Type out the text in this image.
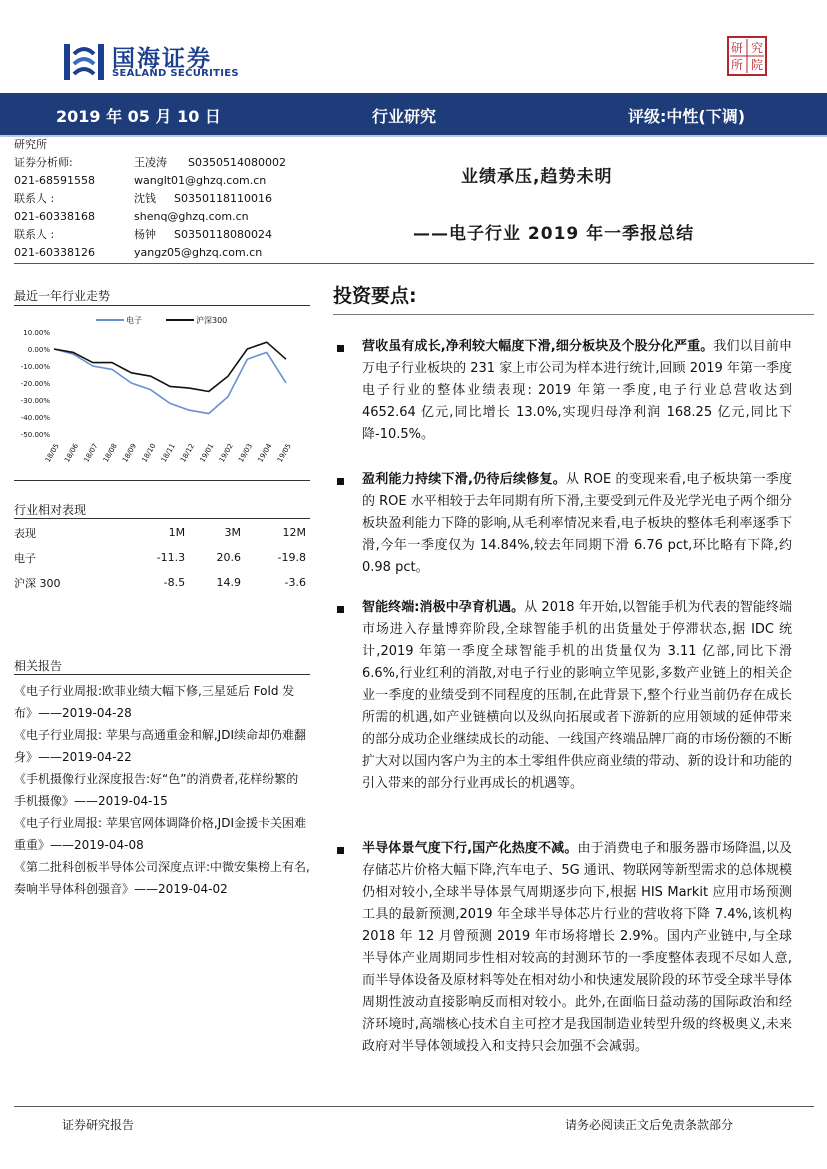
国海证券
SEALAND SECURITIES
研 究
所 院
2019 年 05 月 10 日	行业研究	评级:中性(下调)
研究所
证券分析师:	王凌涛 S0350514080002
021-68591558	wanglt01@ghzq.com.cn
联系人 :	沈钱 S0350118110016
021-60338168	shenq@ghzq.com.cn
联系人 :	杨钟 S0350118080024
021-60338126	yangz05@ghzq.com.cn
业绩承压,趋势未明
——电子行业 2019 年一季报总结
最近一年行业走势
电子	沪深300
10.00%
0.00%
-10.00%
-20.00%
-30.00%
-40.00%
-50.00%
18/05 18/06 18/07 18/08 18/09 18/10 18/11 18/12 19/01 19/02 19/03 19/04 19/05
行业相对表现
表现	1M	3M	12M
电子	-11.3	20.6	-19.8
沪深 300	-8.5	14.9	-3.6
相关报告
《电子行业周报:欧菲业绩大幅下修,三星延后 Fold 发布》——2019-04-28
《电子行业周报: 苹果与高通重金和解,JDI续命却仍难翻身》——2019-04-22
《手机摄像行业深度报告:好“色”的消费者,花样纷繁的手机摄像》——2019-04-15
《电子行业周报: 苹果官网体调降价格,JDI金援卡关困难重重》——2019-04-08
《第二批科创板半导体公司深度点评:中微安集榜上有名,奏响半导体科创强音》——2019-04-02
投资要点:
营收虽有成长,净利较大幅度下滑,细分板块及个股分化严重。我们以目前申万电子行业板块的 231 家上市公司为样本进行统计,回顾 2019 年第一季度电子行业的整体业绩表现: 2019 年第一季度,电子行业总营收达到 4652.64 亿元,同比增长 13.0%,实现归母净利润 168.25 亿元,同比下降-10.5%。
盈利能力持续下滑,仍待后续修复。从 ROE 的变现来看,电子板块第一季度的 ROE 水平相较于去年同期有所下滑,主要受到元件及光学光电子两个细分板块盈利能力下降的影响,从毛利率情况来看,电子板块的整体毛利率逐季下滑,今年一季度仅为 14.84%,较去年同期下滑 6.76 pct,环比略有下降,约 0.98 pct。
智能终端:消极中孕育机遇。从 2018 年开始,以智能手机为代表的智能终端市场进入存量博弈阶段,全球智能手机的出货量处于停滞状态,据 IDC 统计,2019 年第一季度全球智能手机的出货量仅为 3.11 亿部,同比下滑 6.6%,行业红利的消散,对电子行业的影响立竿见影,多数产业链上的相关企业一季度的业绩受到不同程度的压制,在此背景下,整个行业当前仍存在成长所需的机遇,如产业链横向以及纵向拓展或者下游新的应用领域的延伸带来的部分成功企业继续成长的动能、一线国产终端品牌厂商的市场份额的不断扩大对以国内客户为主的本土零组件供应商业绩的带动、新的设计和功能的引入带来的部分行业再成长的机遇等。
半导体景气度下行,国产化热度不减。由于消费电子和服务器市场降温,以及存储芯片价格大幅下降,汽车电子、5G 通讯、物联网等新型需求的总体规模仍相对较小,全球半导体景气周期逐步向下,根据 HIS Markit 应用市场预测工具的最新预测,2019 年全球半导体芯片行业的营收将下降 7.4%,该机构 2018 年 12 月曾预测 2019 年市场将增长 2.9%。国内产业链中,与全球半导体产业周期同步性相对较高的封测环节的一季度整体表现不尽如人意,而半导体设备及原材料等处在相对幼小和快速发展阶段的环节受全球半导体周期性波动直接影响反而相对较小。此外,在面临日益动荡的国际政治和经济环境时,高端核心技术自主可控才是我国制造业转型升级的终极奥义,未来政府对半导体领域投入和支持只会加强不会减弱。
证券研究报告	请务必阅读正文后免责条款部分
